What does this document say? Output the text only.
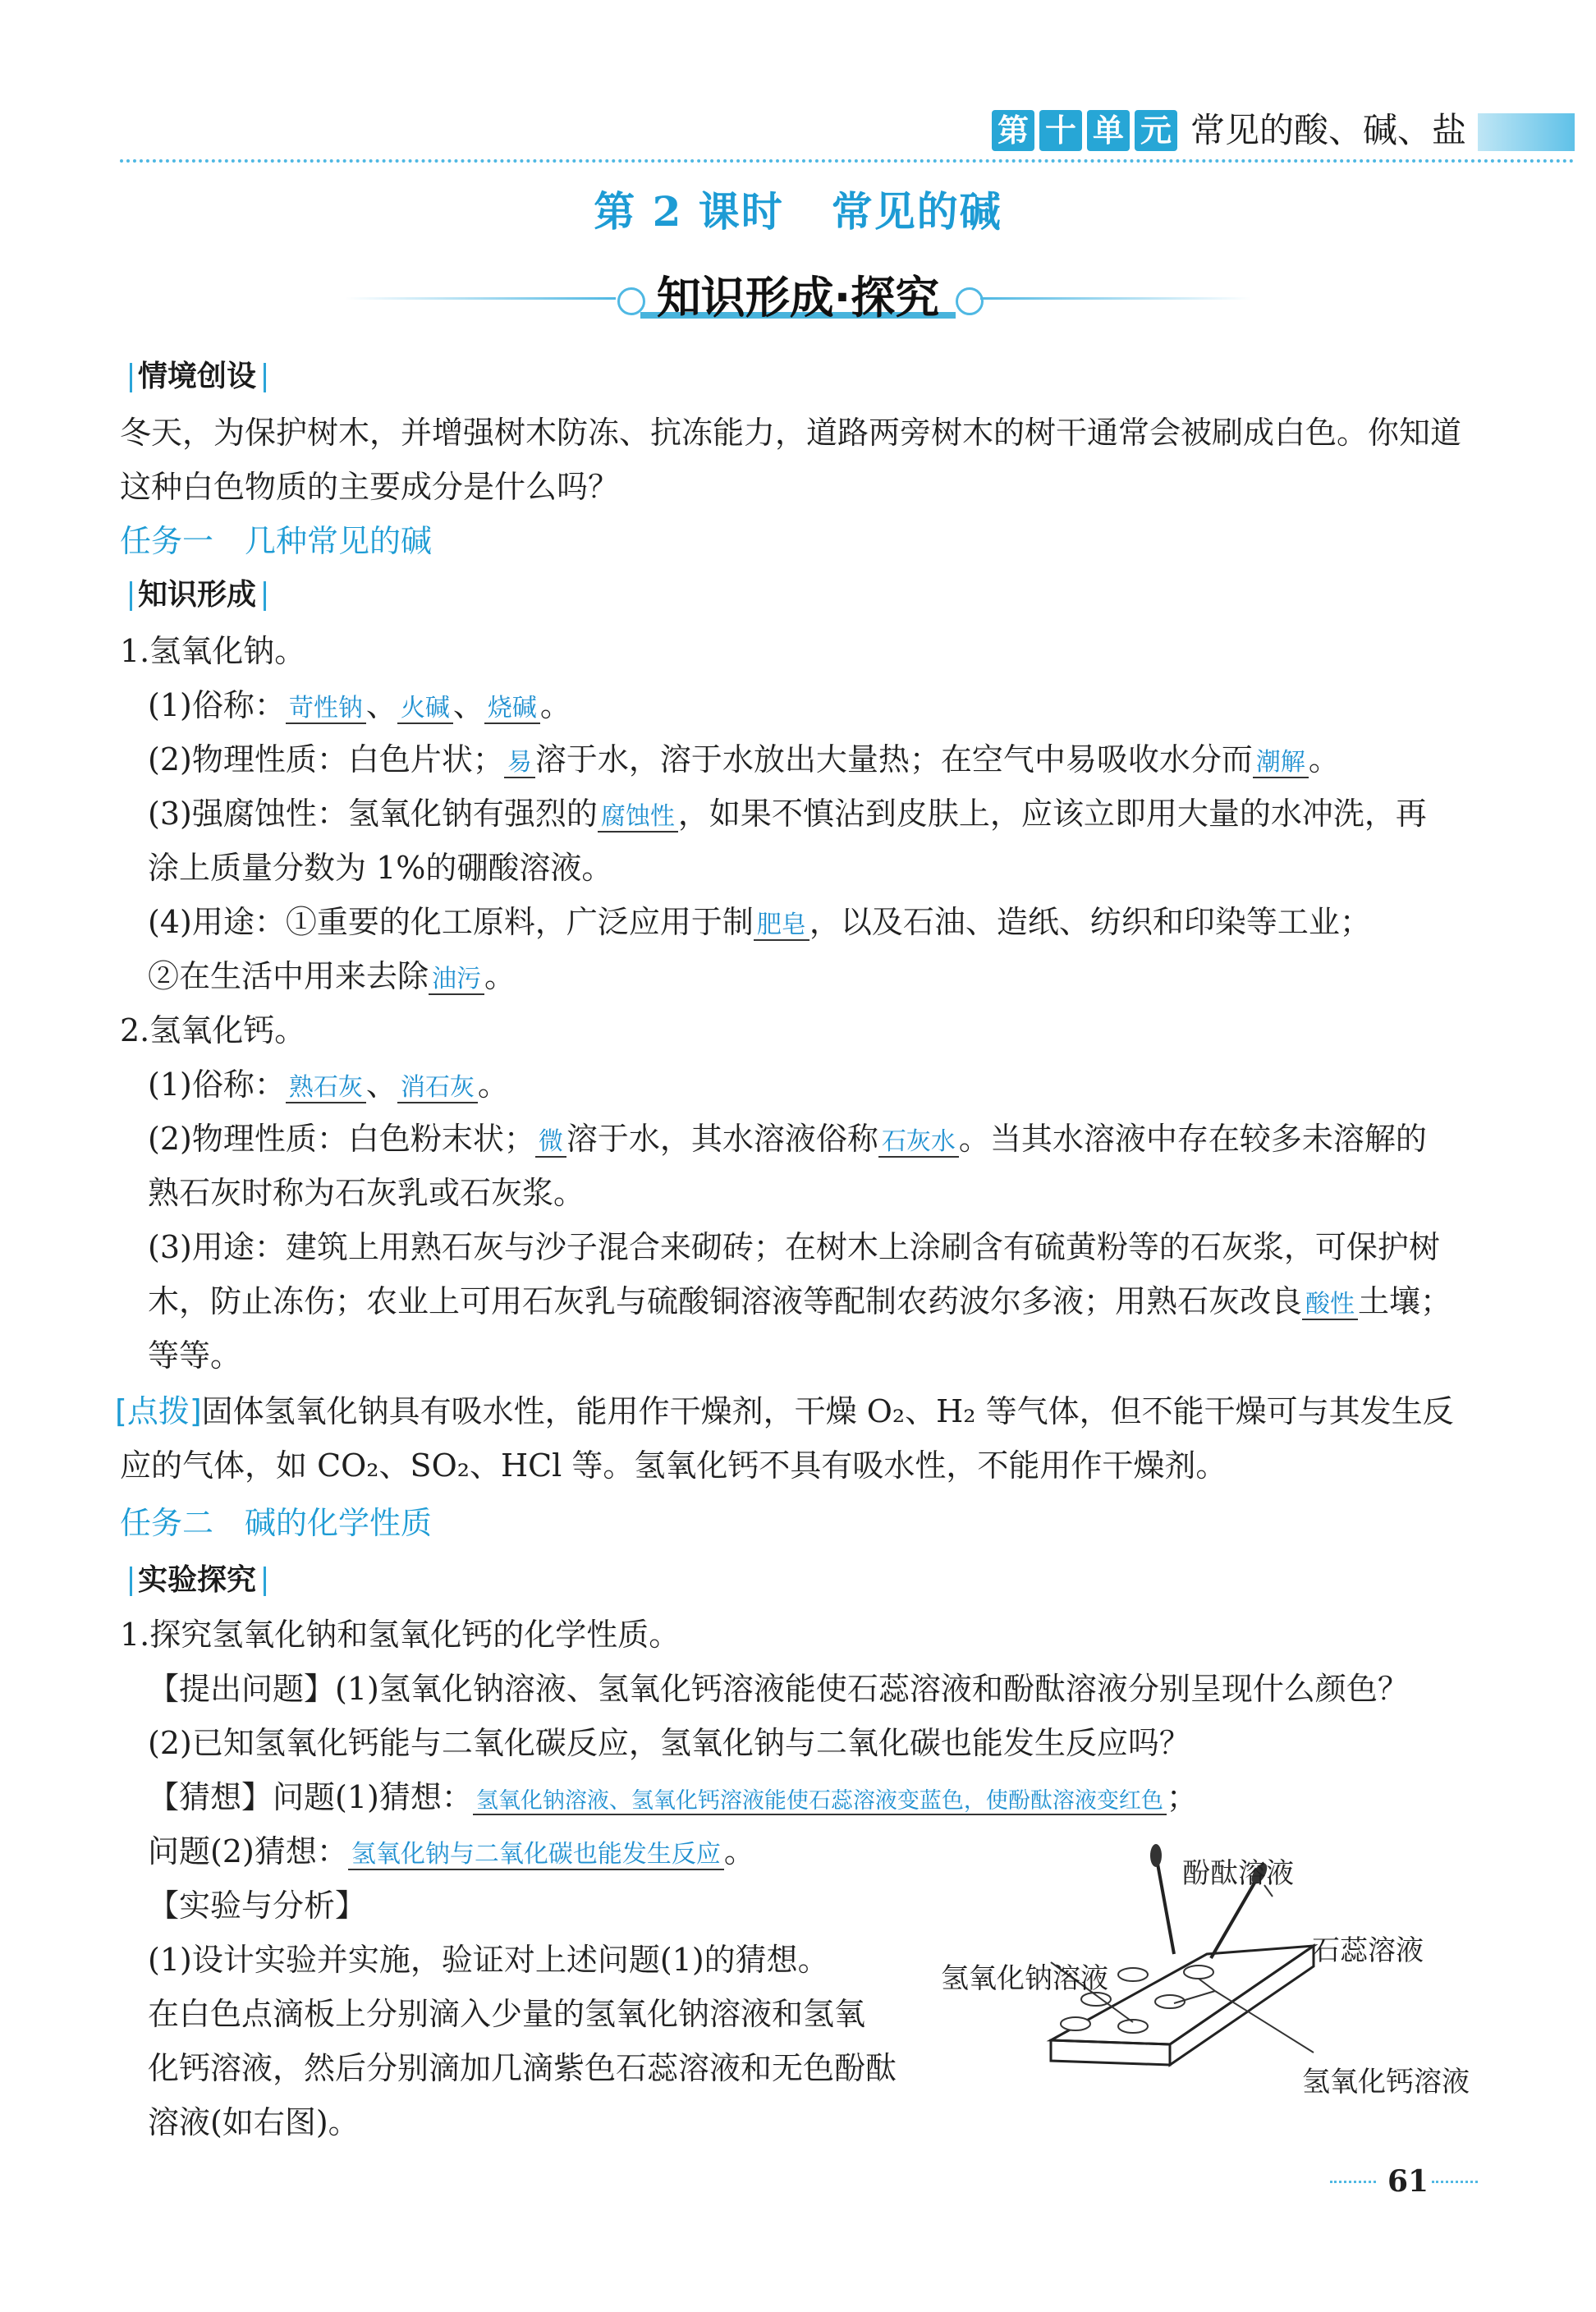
第 十 单 元 常见的酸、碱、盐
第 2 课时 常见的碱
知识形成·探究
情境创设
冬天，为保护树木，并增强树木防冻、抗冻能力，道路两旁树木的树干通常会被刷成白色。你知道
这种白色物质的主要成分是什么吗？
任务一　几种常见的碱
知识形成
1.氢氧化钠。
(1)俗称： 苛性钠 、 火碱 、 烧碱 。
(2)物理性质：白色片状； 易 溶于水，溶于水放出大量热；在空气中易吸收水分而 潮解 。
(3)强腐蚀性：氢氧化钠有强烈的 腐蚀性 ，如果不慎沾到皮肤上，应该立即用大量的水冲洗，再
涂上质量分数为 1%的硼酸溶液。
(4)用途：①重要的化工原料，广泛应用于制 肥皂 ，以及石油、造纸、纺织和印染等工业；
②在生活中用来去除 油污 。
2.氢氧化钙。
(1)俗称： 熟石灰 、 消石灰 。
(2)物理性质：白色粉末状； 微 溶于水，其水溶液俗称 石灰水 。当其水溶液中存在较多未溶解的
熟石灰时称为石灰乳或石灰浆。
(3)用途：建筑上用熟石灰与沙子混合来砌砖；在树木上涂刷含有硫黄粉等的石灰浆，可保护树
木，防止冻伤；农业上可用石灰乳与硫酸铜溶液等配制农药波尔多液；用熟石灰改良 酸性 土壤；
等等。
[点拨]固体氢氧化钠具有吸水性，能用作干燥剂，干燥 O₂、H₂ 等气体，但不能干燥可与其发生反
应的气体，如 CO₂、SO₂、HCl 等。氢氧化钙不具有吸水性，不能用作干燥剂。
任务二　碱的化学性质
实验探究
1.探究氢氧化钠和氢氧化钙的化学性质。
【提出问题】(1)氢氧化钠溶液、氢氧化钙溶液能使石蕊溶液和酚酞溶液分别呈现什么颜色？
(2)已知氢氧化钙能与二氧化碳反应，氢氧化钠与二氧化碳也能发生反应吗？
【猜想】问题(1)猜想： 氢氧化钠溶液、氢氧化钙溶液能使石蕊溶液变蓝色，使酚酞溶液变红色 ；
问题(2)猜想： 氢氧化钠与二氧化碳也能发生反应 。
【实验与分析】
(1)设计实验并实施，验证对上述问题(1)的猜想。
在白色点滴板上分别滴入少量的氢氧化钠溶液和氢氧
化钙溶液，然后分别滴加几滴紫色石蕊溶液和无色酚酞
溶液(如右图)。
酚酞溶液
石蕊溶液
氢氧化钠溶液
氢氧化钙溶液
61
